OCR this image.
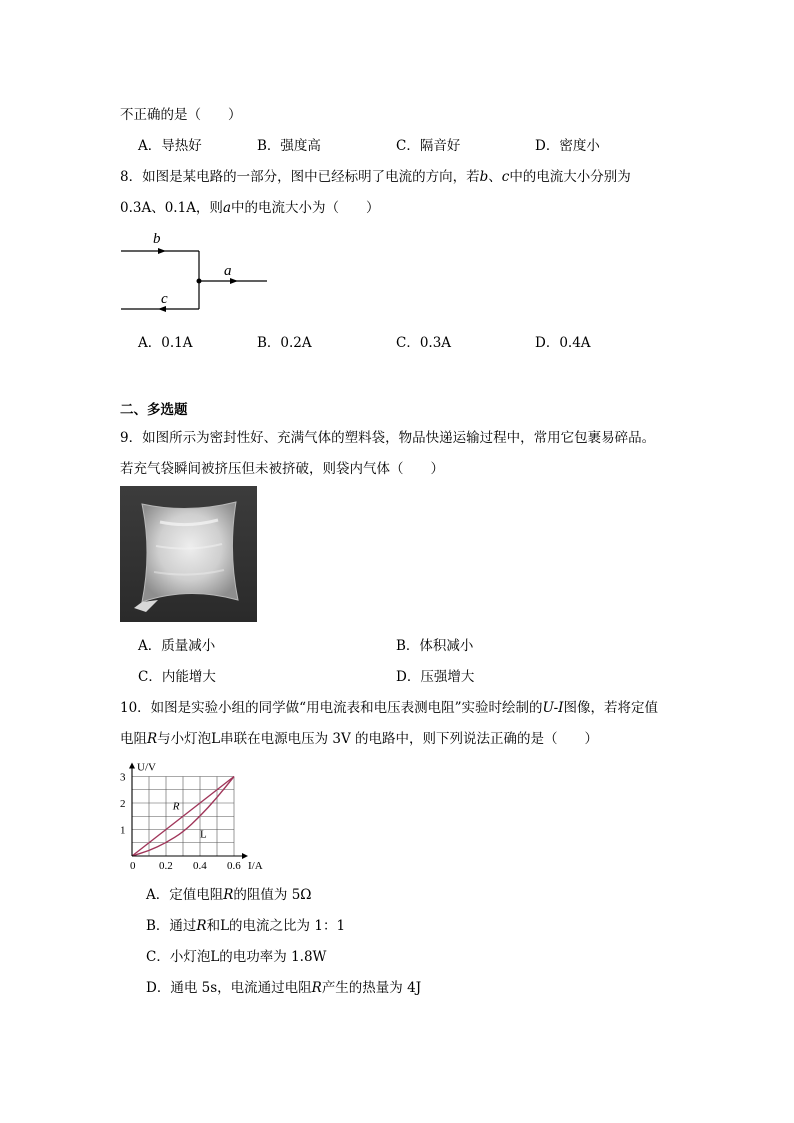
不正确的是（　　）
A．导热好	B．强度高	C．隔音好	D．密度小
8．如图是某电路的一部分，图中已经标明了电流的方向，若b、c中的电流大小分别为
0.3A、0.1A，则a中的电流大小为（　　）
b
a
c
A．0.1A	B．0.2A	C．0.3A	D．0.4A
二、多选题
9．如图所示为密封性好、充满气体的塑料袋，物品快递运输过程中，常用它包裹易碎品。
若充气袋瞬间被挤压但未被挤破，则袋内气体（　　）
A．质量减小	B．体积减小
C．内能增大	D．压强增大
10．如图是实验小组的同学做“用电流表和电压表测电阻”实验时绘制的U-I图像，若将定值
电阻R与小灯泡L串联在电源电压为 3V 的电路中，则下列说法正确的是（　　）
0 0.2 0.4 0.6
1
2
3
U/V
I/A
R
L
A．定值电阻R的阻值为 5Ω
B．通过R和L的电流之比为 1：1
C．小灯泡L的电功率为 1.8W
D．通电 5s，电流通过电阻R产生的热量为 4J
